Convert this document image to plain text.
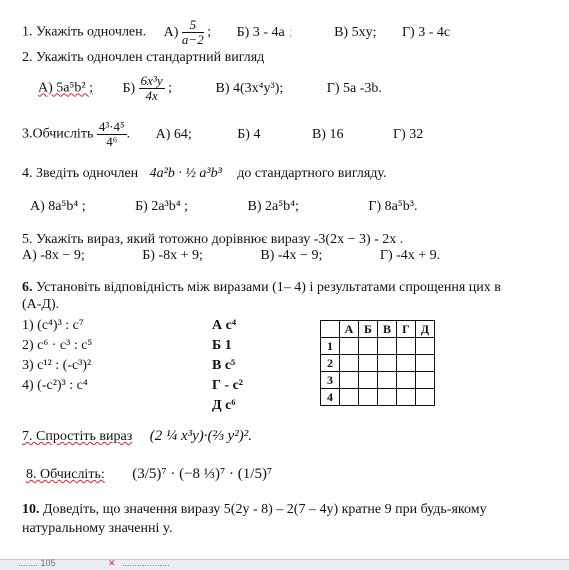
1. Укажіть одночлен. $А) \frac{5}{a-2}$ ; Б) 3 - 4a ;	В) 5xy; Г) 3 - 4c
2. Укажіть одночлен стандартний вигляд
А) 5a⁵b² ; $Б) \frac{\text{6x³y}}{4x}$ ;	В) 4(3x⁴y³);	Г) 5а -3b.
3.Обчисліть $\frac{\text{4³·4⁵}}{\text{4⁶}}$ . А) 64;	Б) 4	В) 16	Г) 32
4. Зведіть одночлен 4a²b · ½ a³b³ до стандартного вигляду.
А) 8a⁵b⁴ ;	Б) 2a³b⁴ ;	В) 2a⁵b⁴;	Г) 8a⁵b³.
5. Укажіть вираз, який тотожно дорівнює виразу -3(2x − 3) - 2x .
А) -8x − 9;	Б) -8x + 9;	В) -4x − 9;	Г) -4x + 9.
6. Установіть відповідність між виразами (1– 4) і результатами спрощення цих в
(А-Д).
1) (c⁴)³ : c⁷
2) c⁶ · c³ : c⁵
3) c¹² : (-c³)²
4) (-c²)³ : c⁴
А c⁴
Б 1
В c⁵
Г - c²
Д c⁶
	А	Б	В	Г	Д
1					
2					
3					
4					
7. Спростіть вираз (2 ¼ x³y)·(⅔ y²)².
8. Обчисліть: (3/5)⁷ · (−8 ⅓)⁷ · (1/5)⁷
10. Доведіть, що значення виразу 5(2y - 8) – 2(7 – 4y) кратне 9 при будь-якому
натуральному значенні y.
........ 105	✕ ...................
